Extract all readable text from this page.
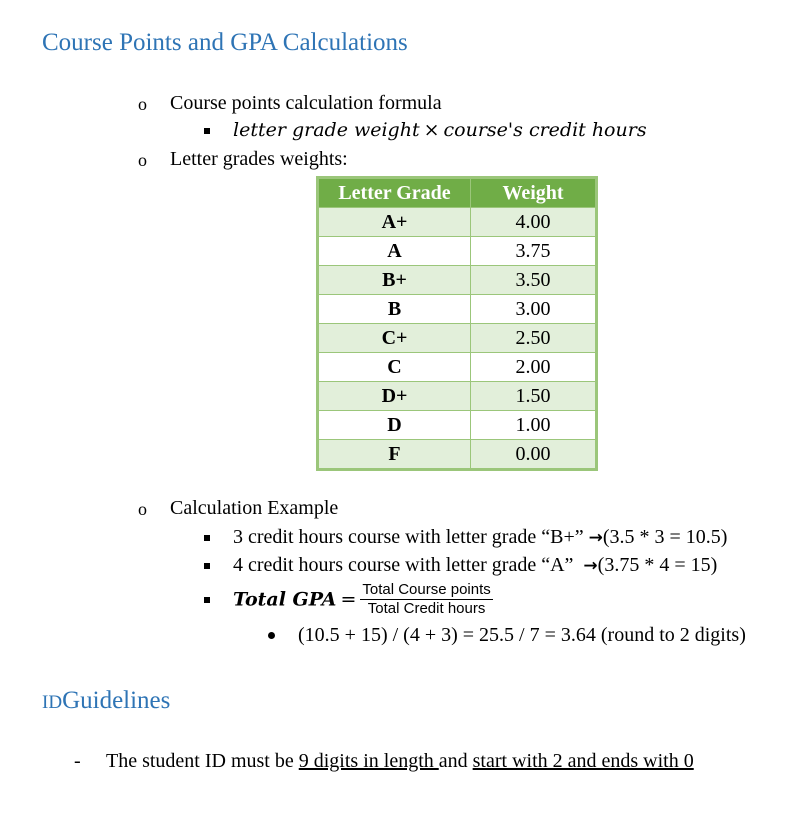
Course Points and GPA Calculations
o Course points calculation formula
letter grade weight × course's credit hours
o Letter grades weights:
Letter Grade	Weight
A+	4.00
A	3.75
B+	3.50
B	3.00
C+	2.50
C	2.00
D+	1.50
D	1.00
F	0.00
o Calculation Example
3 credit hours course with letter grade “B+” →(3.5 * 3 = 10.5)
4 credit hours course with letter grade “A” →(3.75 * 4 = 15)
Total GPA = $\frac{\text{Total Course points}}{\text{Total Credit hours}}$
(10.5 + 15) / (4 + 3) = 25.5 / 7 = 3.64 (round to 2 digits)
IDGuidelines
- The student ID must be 9 digits in length and start with 2 and ends with 0
